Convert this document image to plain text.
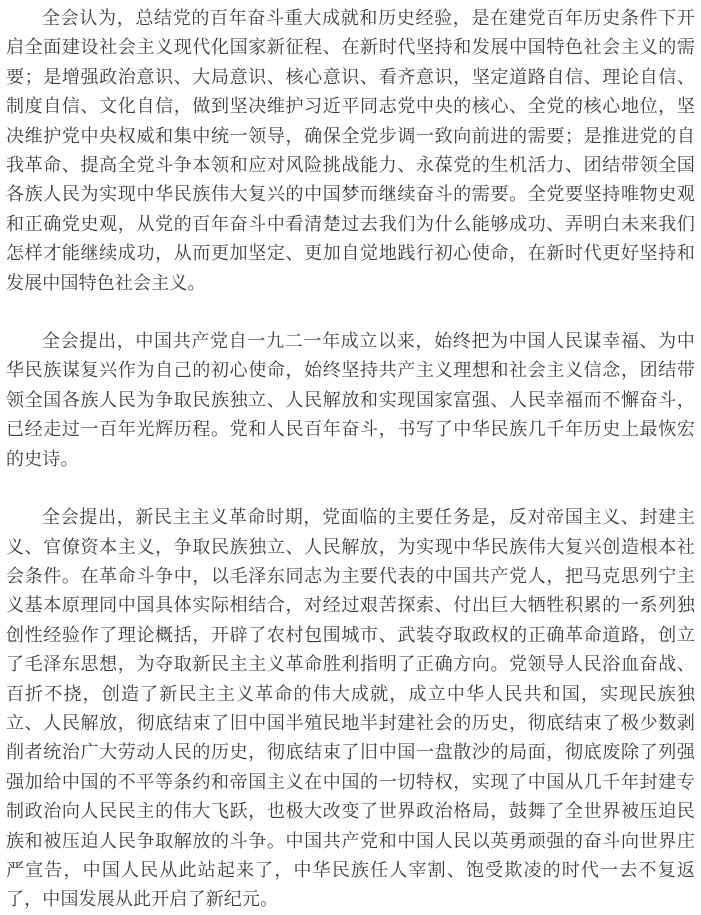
全会认为，总结党的百年奋斗重大成就和历史经验，是在建党百年历史条件下开启全面建设社会主义现代化国家新征程、在新时代坚持和发展中国特色社会主义的需要；是增强政治意识、大局意识、核心意识、看齐意识，坚定道路自信、理论自信、制度自信、文化自信，做到坚决维护习近平同志党中央的核心、全党的核心地位，坚决维护党中央权威和集中统一领导，确保全党步调一致向前进的需要；是推进党的自我革命、提高全党斗争本领和应对风险挑战能力、永葆党的生机活力、团结带领全国各族人民为实现中华民族伟大复兴的中国梦而继续奋斗的需要。全党要坚持唯物史观和正确党史观，从党的百年奋斗中看清楚过去我们为什么能够成功、弄明白未来我们怎样才能继续成功，从而更加坚定、更加自觉地践行初心使命，在新时代更好坚持和发展中国特色社会主义。

全会提出，中国共产党自一九二一年成立以来，始终把为中国人民谋幸福、为中华民族谋复兴作为自己的初心使命，始终坚持共产主义理想和社会主义信念，团结带领全国各族人民为争取民族独立、人民解放和实现国家富强、人民幸福而不懈奋斗，已经走过一百年光辉历程。党和人民百年奋斗，书写了中华民族几千年历史上最恢宏的史诗。

全会提出，新民主主义革命时期，党面临的主要任务是，反对帝国主义、封建主义、官僚资本主义，争取民族独立、人民解放，为实现中华民族伟大复兴创造根本社会条件。在革命斗争中，以毛泽东同志为主要代表的中国共产党人，把马克思列宁主义基本原理同中国具体实际相结合，对经过艰苦探索、付出巨大牺牲积累的一系列独创性经验作了理论概括，开辟了农村包围城市、武装夺取政权的正确革命道路，创立了毛泽东思想，为夺取新民主主义革命胜利指明了正确方向。党领导人民浴血奋战、百折不挠，创造了新民主主义革命的伟大成就，成立中华人民共和国，实现民族独立、人民解放，彻底结束了旧中国半殖民地半封建社会的历史，彻底结束了极少数剥削者统治广大劳动人民的历史，彻底结束了旧中国一盘散沙的局面，彻底废除了列强强加给中国的不平等条约和帝国主义在中国的一切特权，实现了中国从几千年封建专制政治向人民民主的伟大飞跃，也极大改变了世界政治格局，鼓舞了全世界被压迫民族和被压迫人民争取解放的斗争。中国共产党和中国人民以英勇顽强的奋斗向世界庄严宣告，中国人民从此站起来了，中华民族任人宰割、饱受欺凌的时代一去不复返了，中国发展从此开启了新纪元。
